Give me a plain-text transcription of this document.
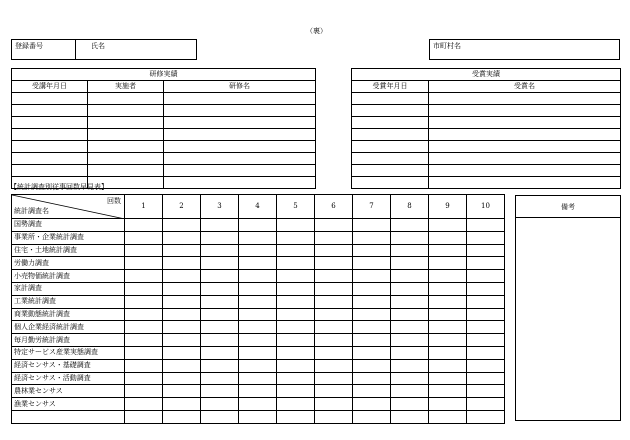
（裏）
登録番号	氏名	市町村名
研修実績		
受講年月日	実施者	研修名

受賞実績	
受賞年月日	受賞名

【統計調査別従事回数早見表】
回数
統計調査名	1	2	3	4	5	6	7	8	9	10
国勢調査										
事業所・企業統計調査										
住宅・土地統計調査										
労働力調査										
小売物価統計調査										
家計調査										
工業統計調査										
商業動態統計調査										
個人企業経済統計調査										
毎月勤労統計調査										
特定サービス産業実態調査										
経済センサス・基礎調査										
経済センサス・活動調査										
農林業センサス										
漁業センサス										

備考
